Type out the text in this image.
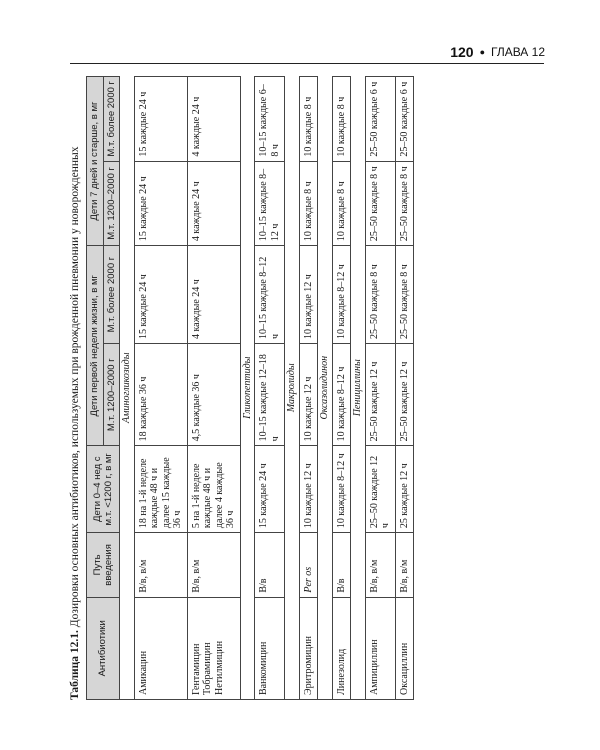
120 ● ГЛАВА 12
Таблица 12.1. Дозировки основных антибиотиков, используемых при врожденной пневмонии у новорожденных
Антибиотики	Путь введения	Дети 0–4 нед с м.т. <1200 г, в мг	Дети первой недели жизни, в мг		Дети 7 дней и старше, в мг	
			М.т. 1200–2000 г	М.т. более 2000 г	М.т. 1200–2000 г	М.т. более 2000 г
Аминогликозиды						
Амикацин	В/в, в/м	18 на 1-й неделе каждые 48 ч и далее 15 каждые 36 ч	18 каждые 36 ч	15 каждые 24 ч	15 каждые 24 ч	15 каждые 24 ч
Гентамицин Тобрамицин Нетилмицин	В/в, в/м	5 на 1-й неделе каждые 48 ч и далее 4 каждые 36 ч	4,5 каждые 36 ч	4 каждые 24 ч	4 каждые 24 ч	4 каждые 24 ч
Гликопептиды						
Ванкомицин	В/в	15 каждые 24 ч	10–15 каждые 12–18 ч	10–15 каждые 8–12 ч	10–15 каждые 8–12 ч	10–15 каждые 6–8 ч
Макролиды						
Эритромицин	Per os	10 каждые 12 ч	10 каждые 12 ч	10 каждые 12 ч	10 каждые 8 ч	10 каждые 8 ч
Оксазолидинон						
Линезолид	В/в	10 каждые 8–12 ч	10 каждые 8–12 ч	10 каждые 8–12 ч	10 каждые 8 ч	10 каждые 8 ч
Пенициллины						
Ампициллин	В/в, в/м	25–50 каждые 12 ч	25–50 каждые 12 ч	25–50 каждые 8 ч	25–50 каждые 8 ч	25–50 каждые 6 ч
Оксациллин	В/в, в/м	25 каждые 12 ч	25–50 каждые 12 ч	25–50 каждые 8 ч	25–50 каждые 8 ч	25–50 каждые 6 ч
